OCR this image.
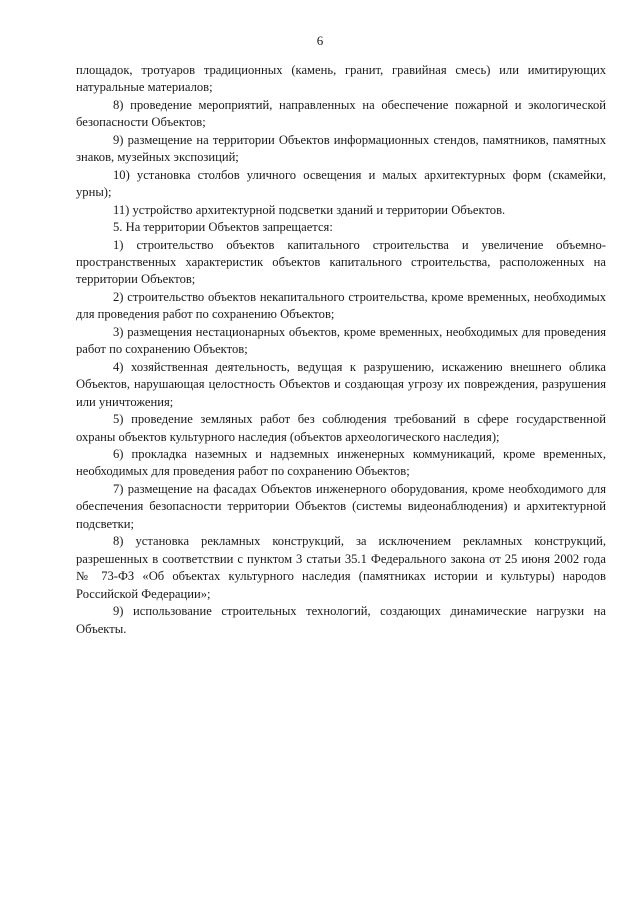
6

площадок, тротуаров традиционных (камень, гранит, гравийная смесь) или имитирующих натуральные материалов;

8) проведение мероприятий, направленных на обеспечение пожарной и экологической безопасности Объектов;

9) размещение на территории Объектов информационных стендов, памятников, памятных знаков, музейных экспозиций;

10) установка столбов уличного освещения и малых архитектурных форм (скамейки, урны);

11) устройство архитектурной подсветки зданий и территории Объектов.

5. На территории Объектов запрещается:

1) строительство объектов капитального строительства и увеличение объемно-пространственных характеристик объектов капитального строительства, расположенных на территории Объектов;

2) строительство объектов некапитального строительства, кроме временных, необходимых для проведения работ по сохранению Объектов;

3) размещения нестационарных объектов, кроме временных, необходимых для проведения работ по сохранению Объектов;

4) хозяйственная деятельность, ведущая к разрушению, искажению внешнего облика Объектов, нарушающая целостность Объектов и создающая угрозу их повреждения, разрушения или уничтожения;

5) проведение земляных работ без соблюдения требований в сфере государственной охраны объектов культурного наследия (объектов археологического наследия);

6) прокладка наземных и надземных инженерных коммуникаций, кроме временных, необходимых для проведения работ по сохранению Объектов;

7) размещение на фасадах Объектов инженерного оборудования, кроме необходимого для обеспечения безопасности территории Объектов (системы видеонаблюдения) и архитектурной подсветки;

8) установка рекламных конструкций, за исключением рекламных конструкций, разрешенных в соответствии с пунктом 3 статьи 35.1 Федерального закона от 25 июня 2002 года № 73-ФЗ «Об объектах культурного наследия (памятниках истории и культуры) народов Российской Федерации»;

9) использование строительных технологий, создающих динамические нагрузки на Объекты.
